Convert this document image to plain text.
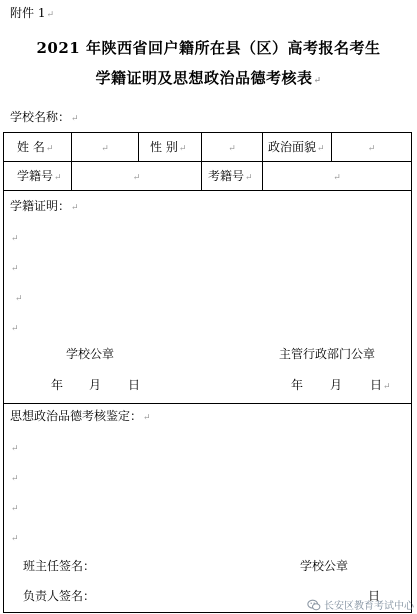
附件 1↵
2021 年陕西省回户籍所在县（区）高考报名考生
学籍证明及思想政治品德考核表↵
学校名称：↵
姓 名↵	↵	性 别↵	↵	政治面貌↵	↵
学籍号↵	↵	考籍号↵	↵
学籍证明：↵
↵
↵
↵
↵
学校公章	主管行政部门公章
年 月 日	年 月 日↵
思想政治品德考核鉴定：↵
↵
↵
↵
↵
班主任签名：	学校公章
负责人签名：	日
长安区教育考试中心
